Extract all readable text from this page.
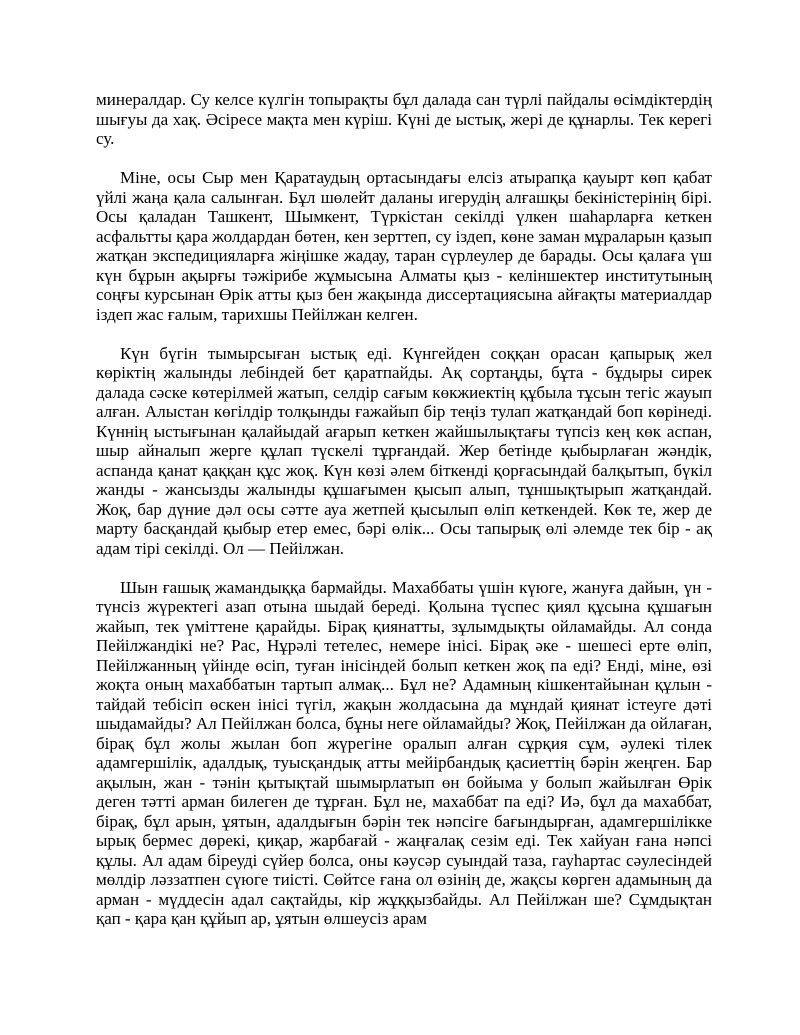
минералдар. Су келсе күлгін топырақты бұл далада сан түрлі пайдалы өсімдіктердің шығуы да хақ. Әсіресе мақта мен күріш. Күні де ыстық, жері де құнарлы. Тек керегі су.

Міне, осы Сыр мен Қаратаудың ортасындағы елсіз атырапқа қауырт көп қабат үйлі жаңа қала салынған. Бұл шөлейт даланы игерудің алғашқы бекіністерінің бірі. Осы қаладан Ташкент, Шымкент, Түркістан секілді үлкен шаһарларға кеткен асфальтты қара жолдардан бөтен, кен зерттеп, су іздеп, көне заман мұраларын қазып жатқан экспедицияларға жіңішке жадау, таран сүрлеулер де барады. Осы қалаға үш күн бұрын ақырғы тәжірибе жұмысына Алматы қыз - келіншектер институтының соңғы курсынан Өрік атты қыз бен жақында диссертациясына айғақты материалдар іздеп жас ғалым, тарихшы Пейілжан келген.

Күн бүгін тымырсыған ыстық еді. Күнгейден соққан орасан қапырық жел көріктің жалынды лебіндей бет қаратпайды. Ақ сортаңды, бұта - бұдыры сирек далада сәске көтерілмей жатып, селдір сағым көкжиектің құбыла тұсын тегіс жауып алған. Алыстан көгілдір толқынды ғажайып бір теңіз тулап жатқандай боп көрінеді. Күннің ыстығынан қалайыдай ағарып кеткен жайшылықтағы түпсіз кең көк аспан, шыр айналып жерге құлап түскелі тұрғандай. Жер бетінде қыбырлаған жәндік, аспанда қанат қаққан құс жоқ. Күн көзі әлем біткенді қорғасындай балқытып, бүкіл жанды - жансызды жалынды құшағымен қысып алып, тұншықтырып жатқандай. Жоқ, бар дүние дәл осы сәтте ауа жетпей қысылып өліп кеткендей. Көк те, жер де марту басқандай қыбыр етер емес, бәрі өлік... Осы тапырық өлі әлемде тек бір - ақ адам тірі секілді. Ол — Пейілжан.

Шын ғашық жамандыққа бармайды. Махаббаты үшін күюге, жануға дайын, үн - түнсіз жүректегі азап отына шыдай береді. Қолына түспес қиял құсына құшағын жайып, тек үміттене қарайды. Бірақ қиянатты, зұлымдықты ойламайды. Ал сонда Пейілжандікі не? Рас, Нұрәлі тетелес, немере інісі. Бірақ әке - шешесі ерте өліп, Пейілжанның үйінде өсіп, туған інісіндей болып кеткен жоқ па еді? Енді, міне, өзі жоқта оның махаббатын тартып алмақ... Бұл не? Адамның кішкентайынан құлын - тайдай тебісіп өскен інісі түгіл, жақын жолдасына да мұндай қиянат істеуге дәті шыдамайды? Ал Пейілжан болса, бұны неге ойламайды? Жоқ, Пейілжан да ойлаған, бірақ бұл жолы жылан боп жүрегіне оралып алған сұрқия сұм, әулекі тілек адамгершілік, адалдық, туысқандық атты мейірбандық қасиеттің бәрін жеңген. Бар ақылын, жан - тәнін қытықтай шымырлатып өн бойыма у болып жайылған Өрік деген тәтті арман билеген де тұрған. Бұл не, махаббат па еді? Иә, бұл да махаббат, бірақ, бұл арын, ұятын, адалдығын бәрін тек нәпсіге бағындырған, адамгершілікке ырық бермес дөрекі, қиқар, жарбағай - жаңғалақ сезім еді. Тек хайуан ғана нәпсі құлы. Ал адам біреуді сүйер болса, оны кәусәр суындай таза, гауһартас сәулесіндей мөлдір ләззатпен сүюге тиісті. Сөйтсе ғана ол өзінің де, жақсы көрген адамының да арман - мүддесін адал сақтайды, кір жұққызбайды. Ал Пейілжан ше? Сұмдықтан қап - қара қан құйып ар, ұятын өлшеусіз арам
